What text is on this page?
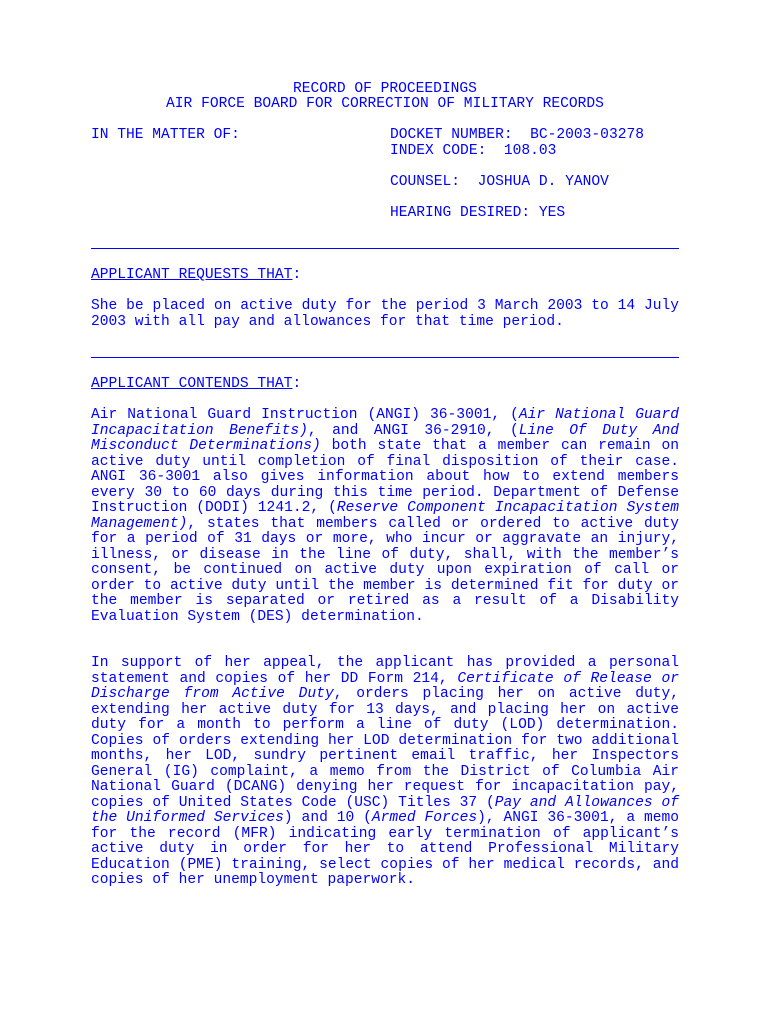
RECORD OF PROCEEDINGS
AIR FORCE BOARD FOR CORRECTION OF MILITARY RECORDS
IN THE MATTER OF:	DOCKET NUMBER:  BC-2003-03278
INDEX CODE:  108.03
COUNSEL:  JOSHUA D. YANOV
HEARING DESIRED: YES
APPLICANT REQUESTS THAT:
She be placed on active duty for the period 3 March 2003 to 14 July 2003 with all pay and allowances for that time period.
APPLICANT CONTENDS THAT:
Air National Guard Instruction (ANGI) 36-3001, (Air National Guard Incapacitation Benefits), and ANGI 36-2910, (Line Of Duty And Misconduct Determinations) both state that a member can remain on active duty until completion of final disposition of their case. ANGI 36-3001 also gives information about how to extend members every 30 to 60 days during this time period. Department of Defense Instruction (DODI) 1241.2, (Reserve Component Incapacitation System Management), states that members called or ordered to active duty for a period of 31 days or more, who incur or aggravate an injury, illness, or disease in the line of duty, shall, with the member’s consent, be continued on active duty upon expiration of call or order to active duty until the member is determined fit for duty or the member is separated or retired as a result of a Disability Evaluation System (DES) determination.
In support of her appeal, the applicant has provided a personal statement and copies of her DD Form 214, Certificate of Release or Discharge from Active Duty, orders placing her on active duty, extending her active duty for 13 days, and placing her on active duty for a month to perform a line of duty (LOD) determination. Copies of orders extending her LOD determination for two additional months, her LOD, sundry pertinent email traffic, her Inspectors General (IG) complaint, a memo from the District of Columbia Air National Guard (DCANG) denying her request for incapacitation pay, copies of United States Code (USC) Titles 37 (Pay and Allowances of the Uniformed Services) and 10 (Armed Forces), ANGI 36-3001, a memo for the record (MFR) indicating early termination of applicant’s active duty in order for her to attend Professional Military Education (PME) training, select copies of her medical records, and copies of her unemployment paperwork.
